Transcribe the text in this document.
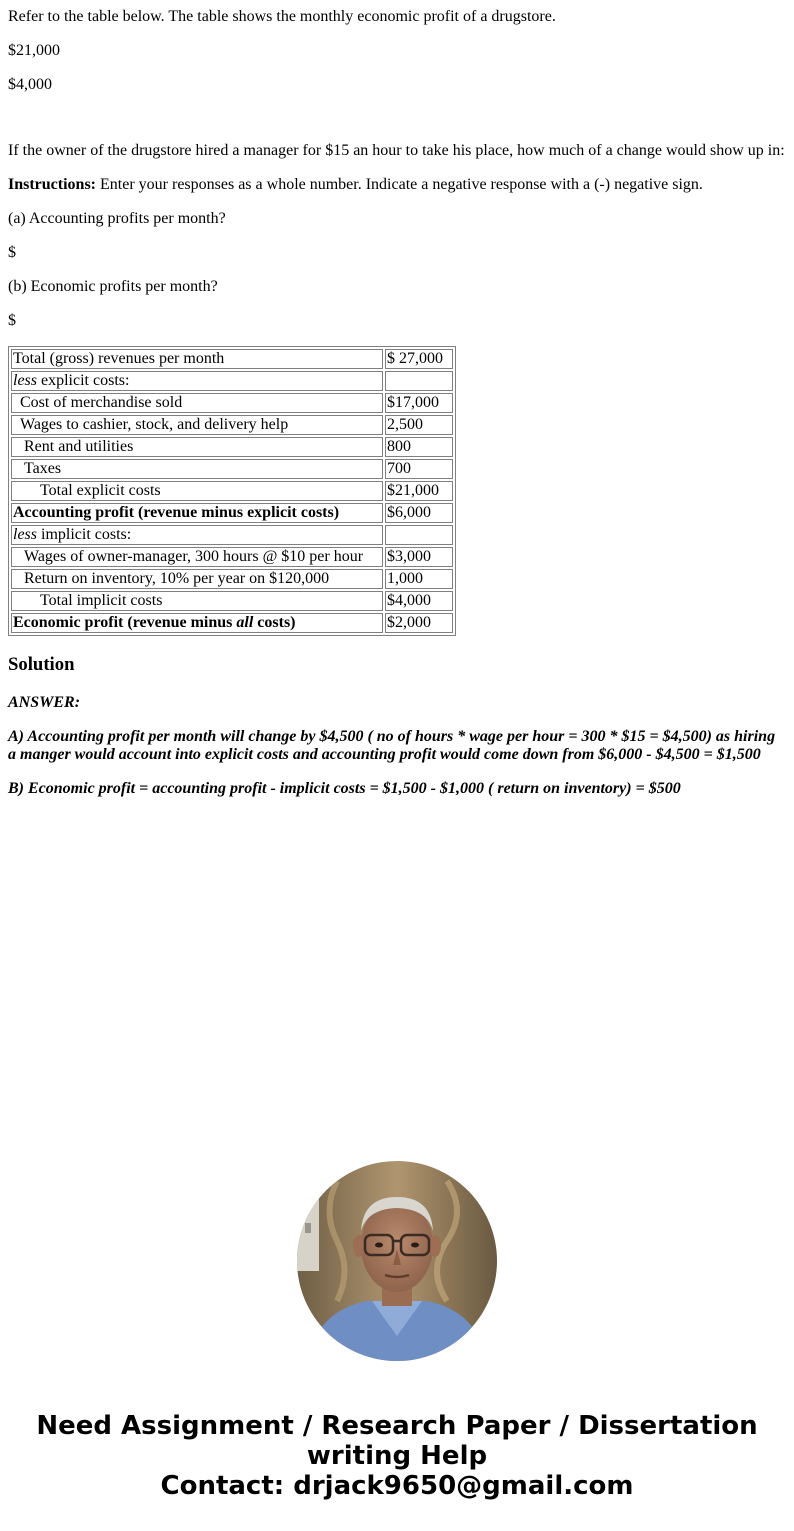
Refer to the table below. The table shows the monthly economic profit of a drugstore.

$21,000

$4,000

If the owner of the drugstore hired a manager for $15 an hour to take his place, how much of a change would show up in:

Instructions: Enter your responses as a whole number. Indicate a negative response with a (-) negative sign.

(a) Accounting profits per month?

$

(b) Economic profits per month?

$

Total (gross) revenues per month	$ 27,000
less explicit costs:	
Cost of merchandise sold	$17,000
Wages to cashier, stock, and delivery help	2,500
Rent and utilities	800
Taxes	700
Total explicit costs	$21,000
Accounting profit (revenue minus explicit costs)	$6,000
less implicit costs:	
Wages of owner-manager, 300 hours @ $10 per hour	$3,000
Return on inventory, 10% per year on $120,000	1,000
Total implicit costs	$4,000
Economic profit (revenue minus all costs)	$2,000
Solution

ANSWER:

A) Accounting profit per month will change by $4,500 ( no of hours * wage per hour = 300 * $15 = $4,500) as hiring a manger would account into explicit costs and accounting profit would come down from $6,000 - $4,500 = $1,500

B) Economic profit = accounting profit - implicit costs = $1,500 - $1,000 ( return on inventory) = $500

Need Assignment / Research Paper / Dissertation
writing Help
Contact: drjack9650@gmail.com
